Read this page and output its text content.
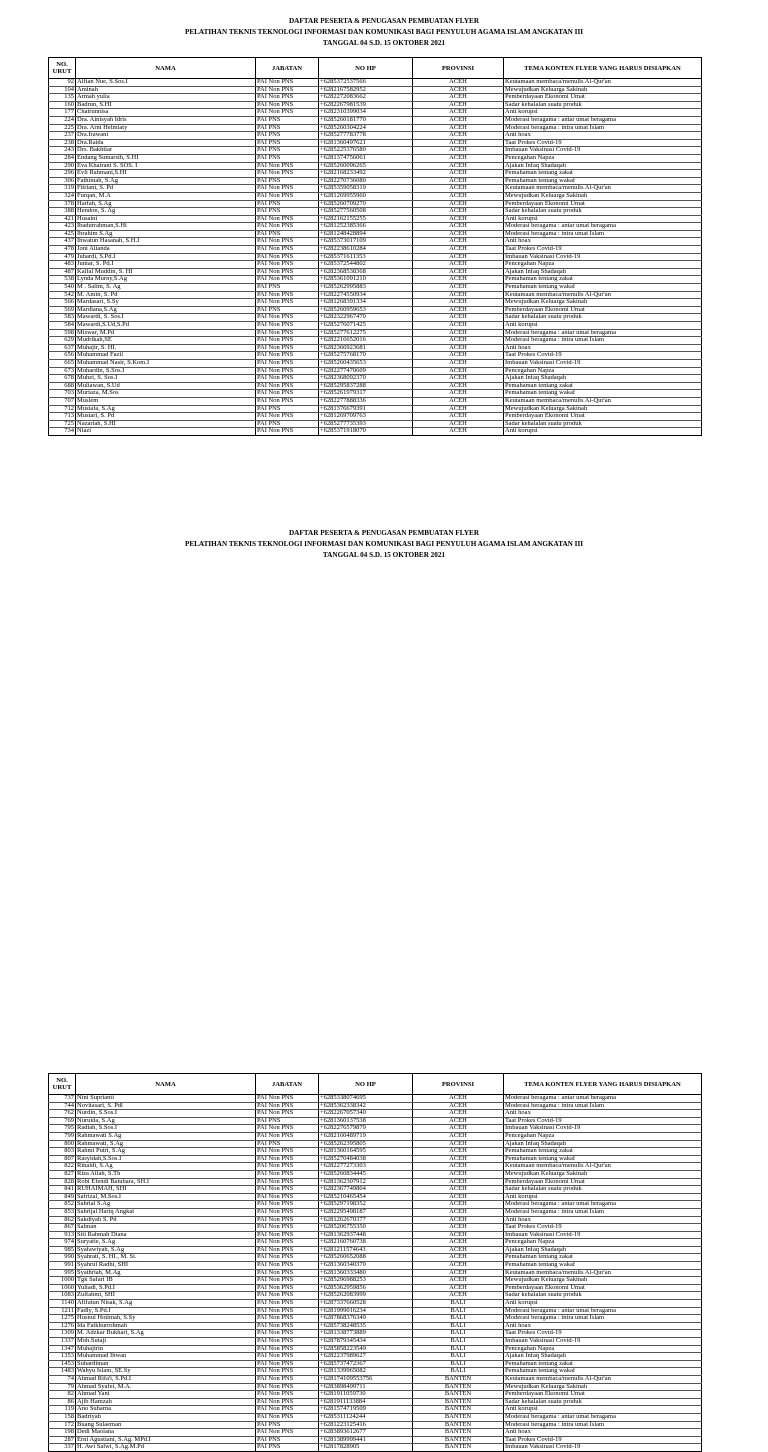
DAFTAR PESERTA & PENUGASAN PEMBUATAN FLYER
PELATIHAN TEKNIS TEKNOLOGI INFORMASI DAN KOMUNIKASI BAGI PENYULUH AGAMA ISLAM ANGKATAN III
TANGGAL 04 S.D. 15 OKTOBER 2021
NO. URUT	NAMA	JABATAN	NO HP	PROVINSI	TEMA KONTEN FLYER YANG HARUS DISIAPKAN
92	Alfian Nue, S.Sos.I	PAI Non PNS	+6285372537566	ACEH	Keutamaan membaca/menulis Al-Qur'an
104	Aminah	PAI Non PNS	+6282167582952	ACEH	Mewujudkan Keluarga Sakinah
135	Armah yulia	PAI Non PNS	+6282272083662	ACEH	Pemberdayaan Ekonomi Umat
160	Badrun, S.HI	PAI Non PNS	+6282267981539	ACEH	Sadar kehalalan suatu produk
177	Chairunnisa	PAI Non PNS	+6282310399034	ACEH	Anti korupsi
224	Dra. Ainisyah Idris	PAI PNS	+6285260181770	ACEH	Moderasi beragama : antar umat beragama
225	Dra. Arni Helmiaty	PAI PNS	+6285260304224	ACEH	Moderasi beragama : intra umat Islam
237	Dra.Irawani	PAI PNS	+6285277783778	ACEH	Anti hoax
238	Dra.Raida	PAI PNS	+6281360497621	ACEH	Taat Prokes Covid-19
243	Drs. Bakhtiar	PAI PNS	+6285225376580	ACEH	Imbauan Vaksinasi Covid-19
284	Endang Sumarsih, S.HI	PAI PNS	+6281374756061	ACEH	Pencegahan Napza
290	Eva Khairani S. SOS. I	PAI Non PNS	+6285260096265	ACEH	Ajakan Infaq Shadaqah
296	Evli Rahmani,S.HI	PAI Non PNS	+6282168233492	ACEH	Pemahaman tentang zakat
306	Fathimah, S.Ag	PAI PNS	+6282270736080	ACEH	Pemahaman tentang wakaf
319	Fitriani, S. Pd	PAI Non PNS	+6285359058319	ACEH	Keutamaan membaca/menulis Al-Qur'an
324	Furqan, M.A	PAI Non PNS	+6281269955960	ACEH	Mewujudkan Keluarga Sakinah
378	Harfah, S.Ag	PAI PNS	+6285260709270	ACEH	Pemberdayaan Ekonomi Umat
388	Hendon, S. Ag	PAI PNS	+6285277560508	ACEH	Sadar kehalalan suatu produk
421	Husaini	PAI Non PNS	+6282162155255	ACEH	Anti korupsi
423	Ibadurrahman,S.Hi	PAI Non PNS	+6281252385366	ACEH	Moderasi beragama : antar umat beragama
425	Ibrahim S.Ag	PAI PNS	+6281248428894	ACEH	Moderasi beragama : intra umat Islam
437	Ihwatun Hasanah, S.H.I	PAI Non PNS	+6285373017109	ACEH	Anti hoax
478	Joni Alianda	PAI Non PNS	+6282238610284	ACEH	Taat Prokes Covid-19
479	Juhardi, S.Pd.I	PAI Non PNS	+6285371611353	ACEH	Imbauan Vaksinasi Covid-19
483	Juniar, S. Pd.I	PAI Non PNS	+6285372544802	ACEH	Pencegahan Napza
487	Kalfal Muddin, S. HI	PAI Non PNS	+6282368538368	ACEH	Ajakan Infaq Shadaqah
538	Lynda Murny,S.Ag	PAI Non PNS	+6285361091210	ACEH	Pemahaman tentang zakat
540	M . Salim, S. Ag	PAI PNS	+6285262995883	ACEH	Pemahaman tentang wakaf
542	M. Amin, S. Pd	PAI Non PNS	+6282274550934	ACEH	Keutamaan membaca/menulis Al-Qur'an
566	Mardasari, S.Sy	PAI Non PNS	+6281268391334	ACEH	Mewujudkan Keluarga Sakinah
569	Mardiana,S.Ag	PAI PNS	+6285260959653	ACEH	Pemberdayaan Ekonomi Umat
583	Mawardi, S. Sos.I	PAI Non PNS	+6282322967470	ACEH	Sadar kehalalan suatu produk
584	Mawardi,S.Ud,S.Pd	PAI Non PNS	+6285276071425	ACEH	Anti korupsi
598	Miswar, M.Pd	PAI Non PNS	+6285277612275	ACEH	Moderasi beragama : antar umat beragama
629	Mudrikah,SE	PAI Non PNS	+6282216652016	ACEH	Moderasi beragama : intra umat Islam
637	Muhajir, S. HI.	PAI Non PNS	+6282366923681	ACEH	Anti hoax
656	Muhammad Fazil	PAI Non PNS	+6285275768170	ACEH	Taat Prokes Covid-19
665	Muhammad Nasir, S.Kom.I	PAI Non PNS	+6285260435653	ACEH	Imbauan Vaksinasi Covid-19
673	Muhardin, S.Sos.I	PAI Non PNS	+6282277470609	ACEH	Pencegahan Napza
678	Muhzi, S. Sos.I	PAI Non PNS	+6282368092370	ACEH	Ajakan Infaq Shadaqah
688	Muliawan, S.Ud	PAI Non PNS	+6285295837288	ACEH	Pemahaman tentang zakat
703	Murtaza, M.Sos	PAI Non PNS	+6285261979317	ACEH	Pemahaman tentang wakaf
707	Muslem	PAI Non PNS	+6282277888336	ACEH	Keutamaan membaca/menulis Al-Qur'an
712	Mustafa, S.Ag	PAI PNS	+6281376679391	ACEH	Mewujudkan Keluarga Sakinah
713	Mustari, S. Pd	PAI Non PNS	+6281269709763	ACEH	Pemberdayaan Ekonomi Umat
725	Nazariah, S.HI	PAI PNS	+6285277735393	ACEH	Sadar kehalalan suatu produk
734	Niazi	PAI Non PNS	+6285371918070	ACEH	Anti korupsi
DAFTAR PESERTA & PENUGASAN PEMBUATAN FLYER
PELATIHAN TEKNIS TEKNOLOGI INFORMASI DAN KOMUNIKASI BAGI PENYULUH AGAMA ISLAM ANGKATAN III
TANGGAL 04 S.D. 15 OKTOBER 2021
NO. URUT	NAMA	JABATAN	NO HP	PROVINSI	TEMA KONTEN FLYER YANG HARUS DISIAPKAN
737	Nini Suprianti	PAI Non PNS	+6285338074695	ACEH	Moderasi beragama : antar umat beragama
744	Novitasari, S. Pdl	PAI Non PNS	+6285362338342	ACEH	Moderasi beragama : intra umat Islam
762	Nurdin, S.Sos.I	PAI Non PNS	+6282267057340	ACEH	Anti hoax
769	Nuruida, S.Ag	PAI PNS	+6281360137538	ACEH	Taat Prokes Covid-19
795	Radiah, S.Sos.I	PAI Non PNS	+6282276579879	ACEH	Imbauan Vaksinasi Covid-19
799	Rahmawati S.Ag	PAI Non PNS	+6282160489719	ACEH	Pencegahan Napza
800	Rahmawati, S.Ag	PAI PNS	+6285262395805	ACEH	Ajakan Infaq Shadaqah
803	Rahmi Putri, S.Ag	PAI Non PNS	+6281360164595	ACEH	Pemahaman tentang zakat
807	Rasyidah,S.Sos.I	PAI Non PNS	+6285270484038	ACEH	Pemahaman tentang wakaf
822	Rinaldi, S.Ag	PAI Non PNS	+6282277273303	ACEH	Keutamaan membaca/menulis Al-Qur'an
827	Riza Allah, S.Th	PAI Non PNS	+6285260834445	ACEH	Mewujudkan Keluarga Sakinah
828	Robi Efendi Batubara, SH.I	PAI Non PNS	+6281362307912	ACEH	Pemberdayaan Ekonomi Umat
841	RUHAIMAH, SHI	PAI Non PNS	+6282367749804	ACEH	Sadar kehalalan suatu produk
849	Safrizal, M.Sos.I	PAI Non PNS	+6285210465454	ACEH	Anti korupsi
852	Sahrial S.Ag	PAI Non PNS	+6285297198352	ACEH	Moderasi beragama : antar umat beragama
853	Sahrijal Hariq Angkat	PAI Non PNS	+6282295498187	ACEH	Moderasi beragama : intra umat Islam
862	Sakdiyah S. Pd	PAI Non PNS	+6281262670377	ACEH	Anti hoax
867	Salman	PAI Non PNS	+6285206755350	ACEH	Taat Prokes Covid-19
913	Siti Rahmah Diana	PAI Non PNS	+6281362937448	ACEH	Imbauan Vaksinasi Covid-19
974	Suryatie, S.Ag	PAI Non PNS	+6282160760738	ACEH	Pencegahan Napza
985	Syafawiyah, S.Ag	PAI Non PNS	+6281211574643	ACEH	Ajakan Infaq Shadaqah
990	Syahrati, S. HI., M. Si.	PAI Non PNS	+6285260652088	ACEH	Pemahaman tentang zakat
991	Syahrul Radhi, SHI	PAI Non PNS	+6281360340370	ACEH	Pemahaman tentang wakaf
995	Syathriah, M.Ag	PAI Non PNS	+6281360333480	ACEH	Keutamaan membaca/menulis Al-Qur'an
1000	Tgk Safari IB	PAI Non PNS	+6285296988253	ACEH	Mewujudkan Keluarga Sakinah
1060	Yuliadi, S.Pd.I	PAI Non PNS	+6285362959856	ACEH	Pemberdayaan Ekonomi Umat
1083	Zulfahmi, SHI	PAI Non PNS	+6285262083999	ACEH	Sadar kehalalan suatu produk
1140	Afifatun Nisak, S.Ag	PAI Non PNS	+6287337660528	BALI	Anti korupsi
1211	Fadly, S.Pd.I	PAI Non PNS	+6281999016234	BALI	Moderasi beragama : antar umat beragama
1275	Husnul Hotimah, S.Sy	PAI Non PNS	+6287868376349	BALI	Moderasi beragama : intra umat Islam
1276	Ida Fatkhurrohmah	PAI Non PNS	+6285738248535	BALI	Anti hoax
1309	M. Adzkar Bukhari, S.Ag	PAI Non PNS	+6281338773889	BALI	Taat Prokes Covid-19
1337	Moh.Sutaji	PAI Non PNS	+6287879345434	BALI	Imbauan Vaksinasi Covid-19
1347	Muhajirin	PAI Non PNS	+6285858223549	BALI	Pencegahan Napza
1353	Muhammad Ihwan	PAI Non PNS	+6282237989627	BALI	Ajakan Infaq Shadaqah
1453	Suhardiman	PAI Non PNS	+6285737472367	BALI	Pemahaman tentang zakat
1483	Wahyu Islam, SE.Sy	PAI Non PNS	+6281339965082	BALI	Pemahaman tentang wakaf
74	Ahmad Rifa'i, S.Pd.I	PAI Non PNS	+628174109553756	BANTEN	Keutamaan membaca/menulis Al-Qur'an
79	Ahmad Syafei, M.A.	PAI Non PNS	+6283898499711	BANTEN	Mewujudkan Keluarga Sakinah
82	Ahmad Yani	PAI Non PNS	+6281911059730	BANTEN	Pemberdayaan Ekonomi Umat
86	Ajib Hamzah	PAI Non PNS	+6281911133884	BANTEN	Sadar kehalalan suatu produk
119	Ano Suharna	PAI Non PNS	+6281574719509	BANTEN	Anti korupsi
158	Badriyah	PAI Non PNS	+6285311124244	BANTEN	Moderasi beragama : antar umat beragama
172	Buang Sulaeman	PAI PNS	+6281223125416	BANTEN	Moderasi beragama : intra umat Islam
198	Dedi Maolana	PAI Non PNS	+6283893612677	BANTEN	Anti hoax
287	Erni Agustiani, S.Ag. MPd.I	PAI PNS	+6281389999441	BANTEN	Taat Prokes Covid-19
337	H. Awi Salwi, S.Ag.M.Pd	PAI PNS	+62817828905	BANTEN	Imbauan Vaksinasi Covid-19
